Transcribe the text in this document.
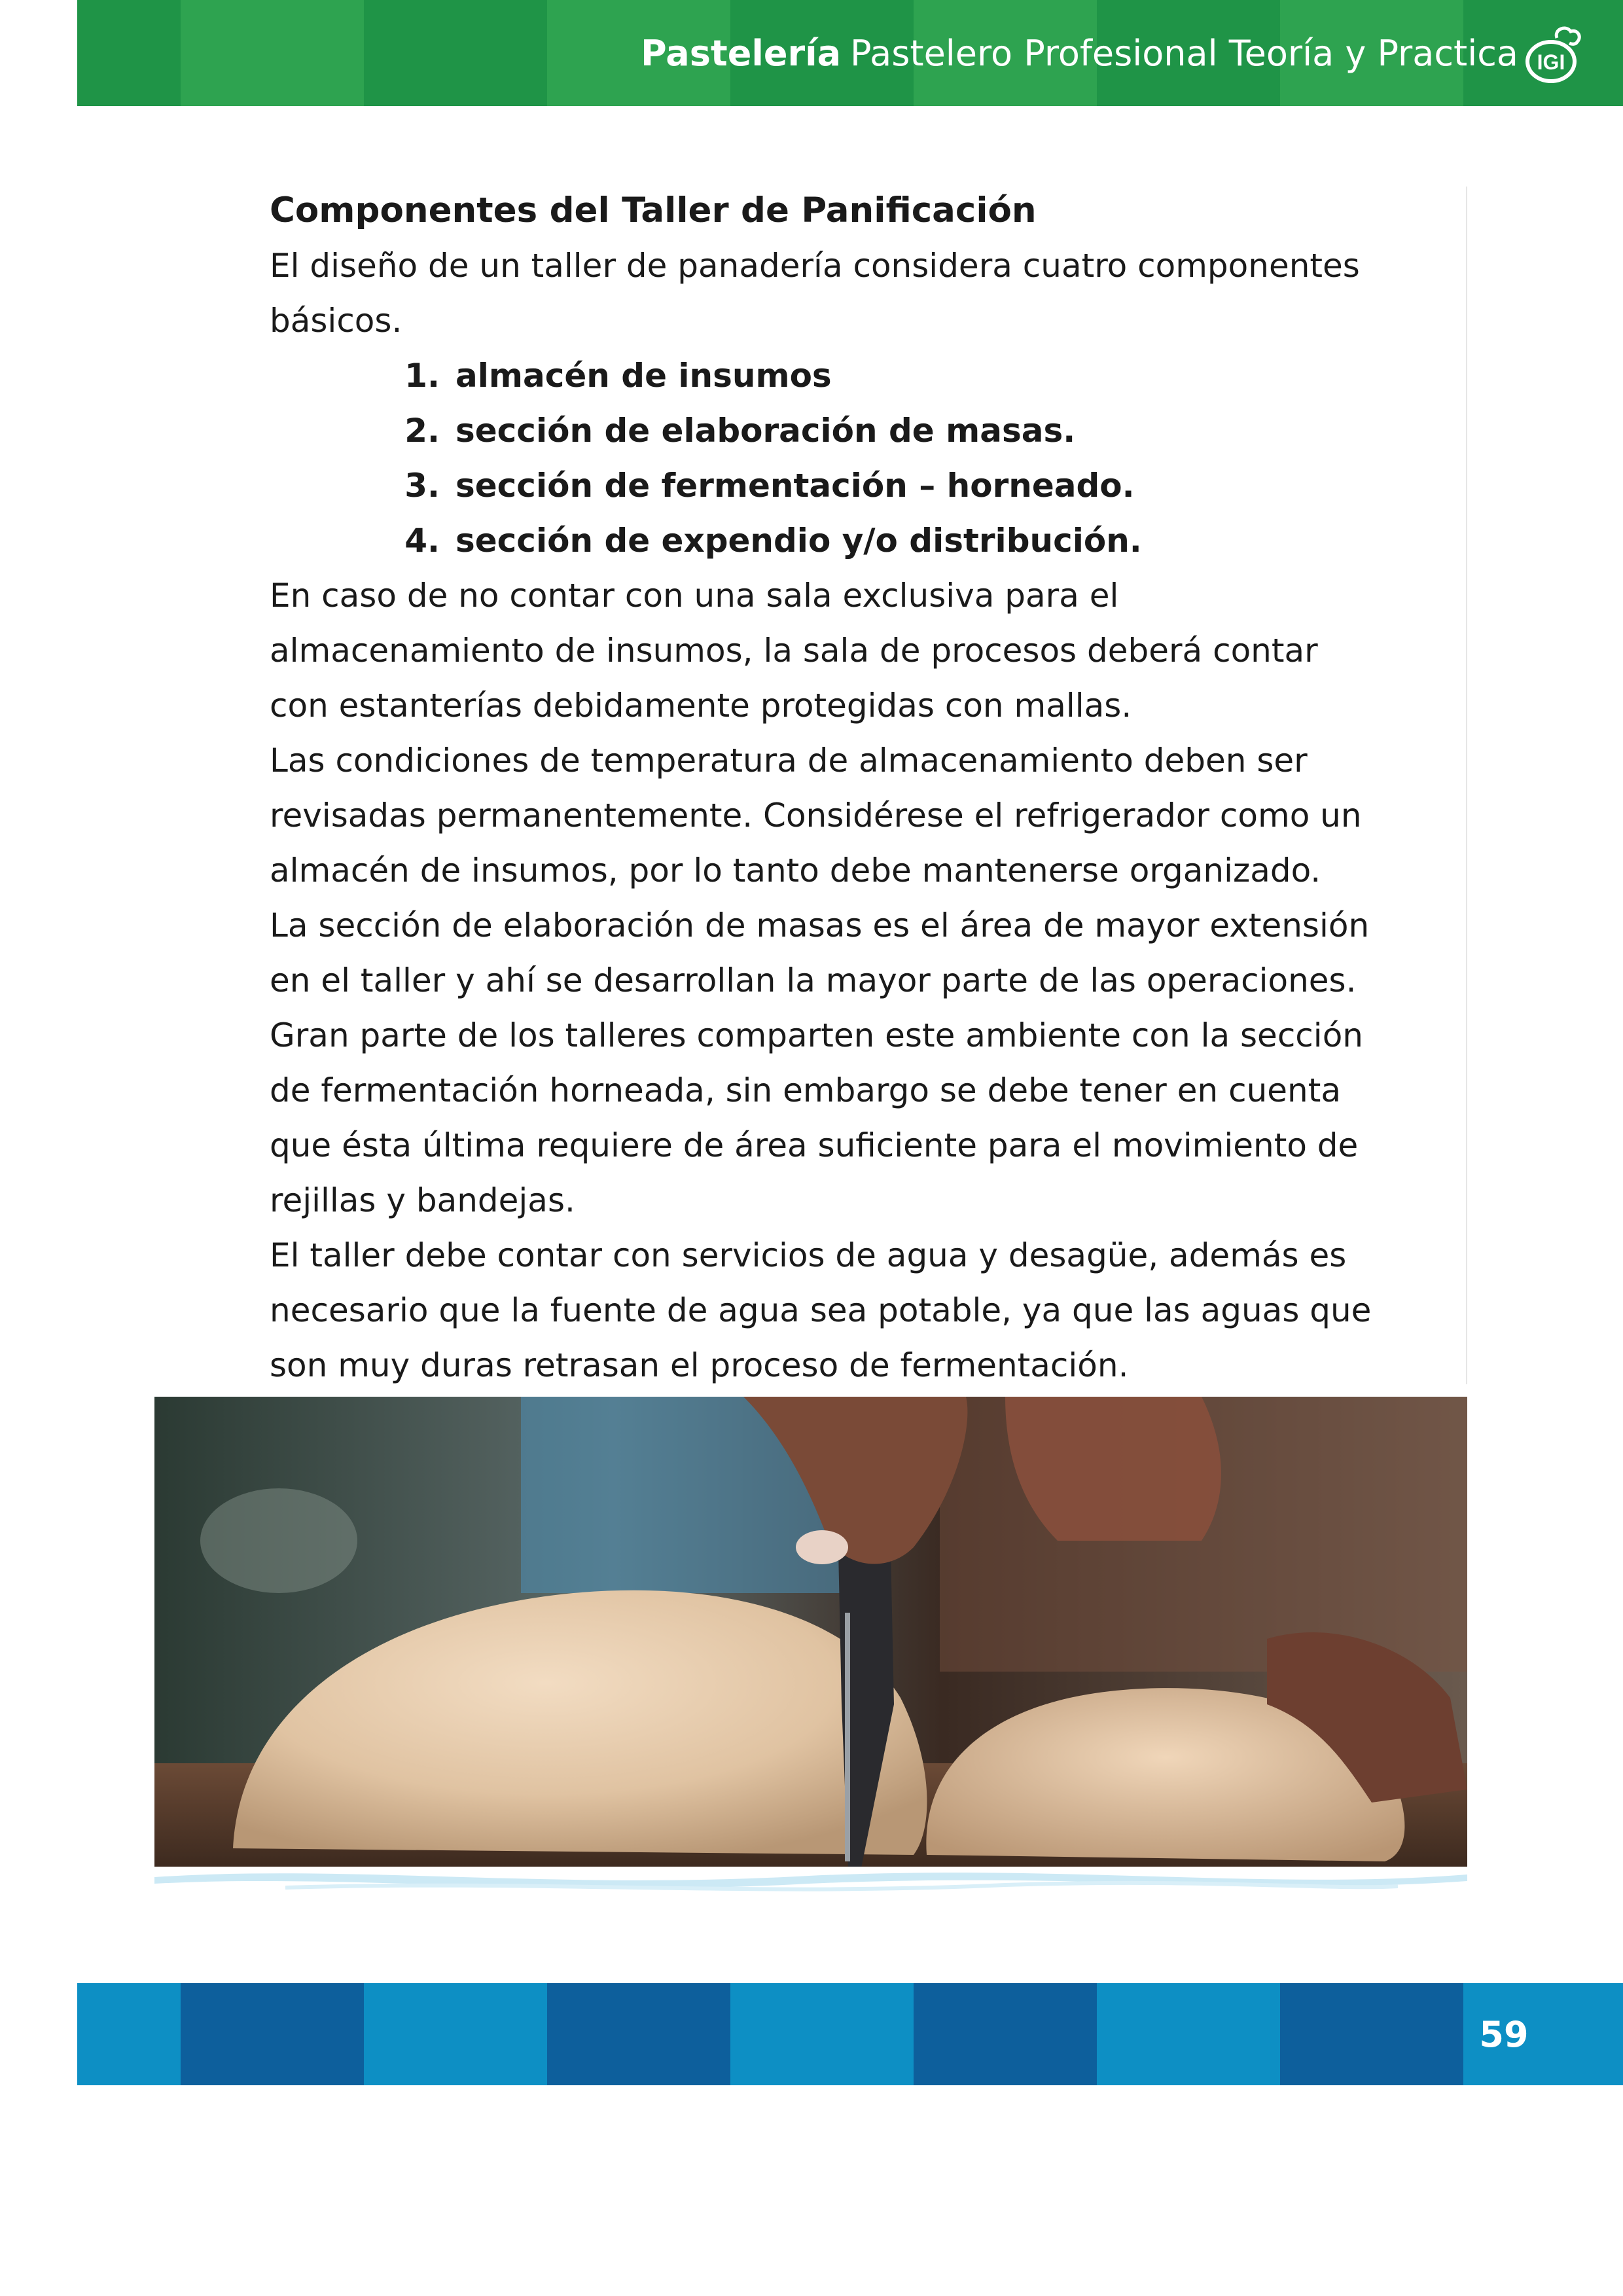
Pastelería Pastelero Profesional Teoría y Practica IGI
Componentes del Taller de Panificación

El diseño de un taller de panadería considera cuatro componentes básicos.

1. almacén de insumos
2. sección de elaboración de masas.
3. sección de fermentación – horneado.
4. sección de expendio y/o distribución.

En caso de no contar con una sala exclusiva para el almacenamiento de insumos, la sala de procesos deberá contar con estanterías debidamente protegidas con mallas.

Las condiciones de temperatura de almacenamiento deben ser revisadas permanentemente. Considérese el refrigerador como un almacén de insumos, por lo tanto debe mantenerse organizado.

La sección de elaboración de masas es el área de mayor extensión en el taller y ahí se desarrollan la mayor parte de las operaciones. Gran parte de los talleres comparten este ambiente con la sección de fermentación horneada, sin embargo se debe tener en cuenta que ésta última requiere de área suficiente para el movimiento de rejillas y bandejas.

El taller debe contar con servicios de agua y desagüe, además es necesario que la fuente de agua sea potable, ya que las aguas que son muy duras retrasan el proceso de fermentación.

59
